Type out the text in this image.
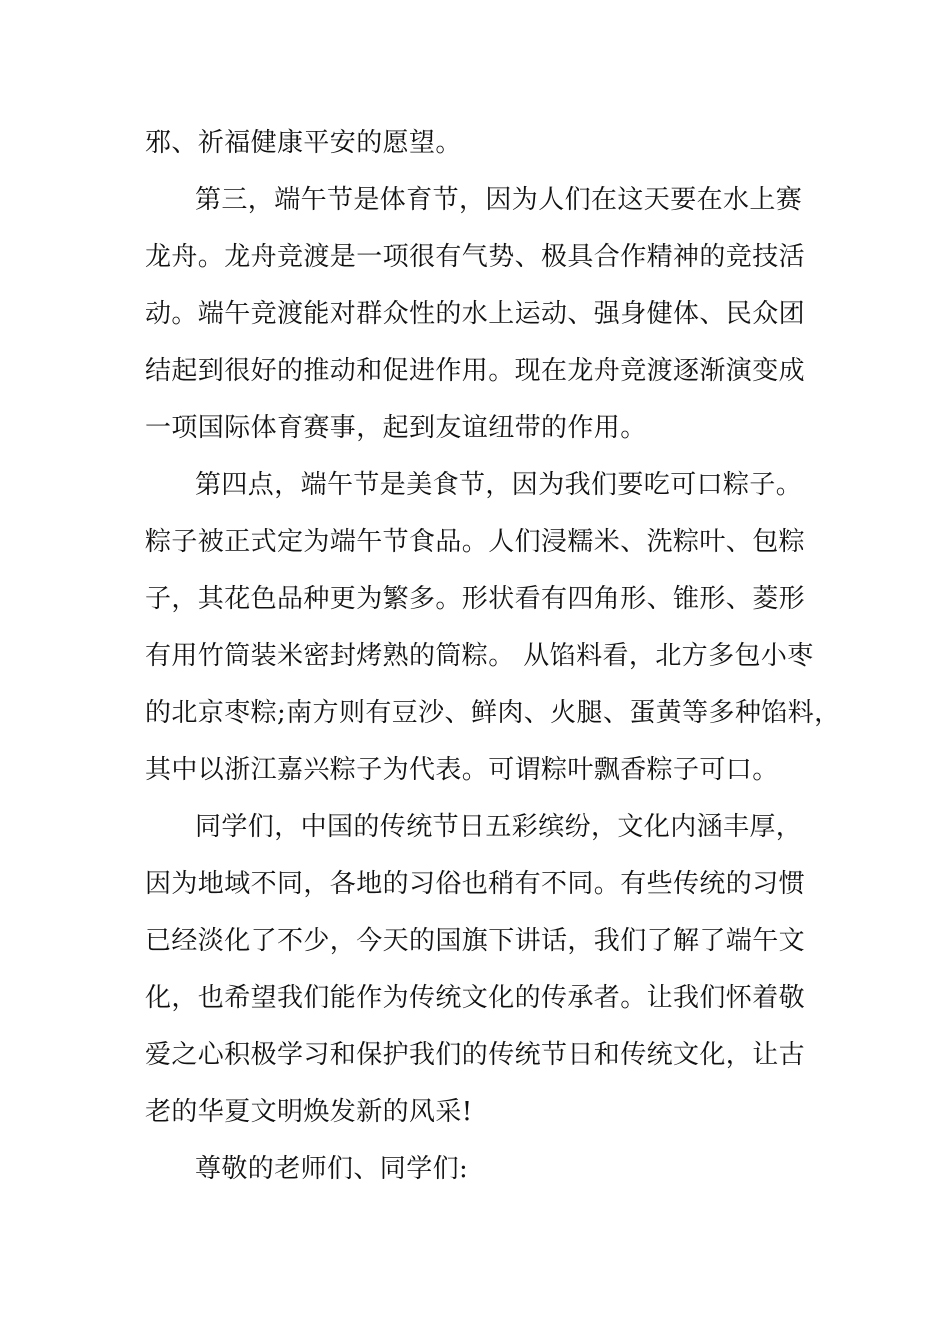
邪、祈福健康平安的愿望。
第三，端午节是体育节，因为人们在这天要在水上赛
龙舟。龙舟竞渡是一项很有气势、极具合作精神的竞技活
动。端午竞渡能对群众性的水上运动、强身健体、民众团
结起到很好的推动和促进作用。现在龙舟竞渡逐渐演变成
一项国际体育赛事，起到友谊纽带的作用。
第四点，端午节是美食节，因为我们要吃可口粽子。
粽子被正式定为端午节食品。人们浸糯米、洗粽叶、包粽
子，其花色品种更为繁多。形状看有四角形、锥形、菱形
有用竹筒装米密封烤熟的筒粽。 从馅料看，北方多包小枣
的北京枣粽;南方则有豆沙、鲜肉、火腿、蛋黄等多种馅料，
其中以浙江嘉兴粽子为代表。可谓粽叶飘香粽子可口。
同学们，中国的传统节日五彩缤纷，文化内涵丰厚，
因为地域不同，各地的习俗也稍有不同。有些传统的习惯
已经淡化了不少，今天的国旗下讲话，我们了解了端午文
化，也希望我们能作为传统文化的传承者。让我们怀着敬
爱之心积极学习和保护我们的传统节日和传统文化，让古
老的华夏文明焕发新的风采!
尊敬的老师们、同学们:
